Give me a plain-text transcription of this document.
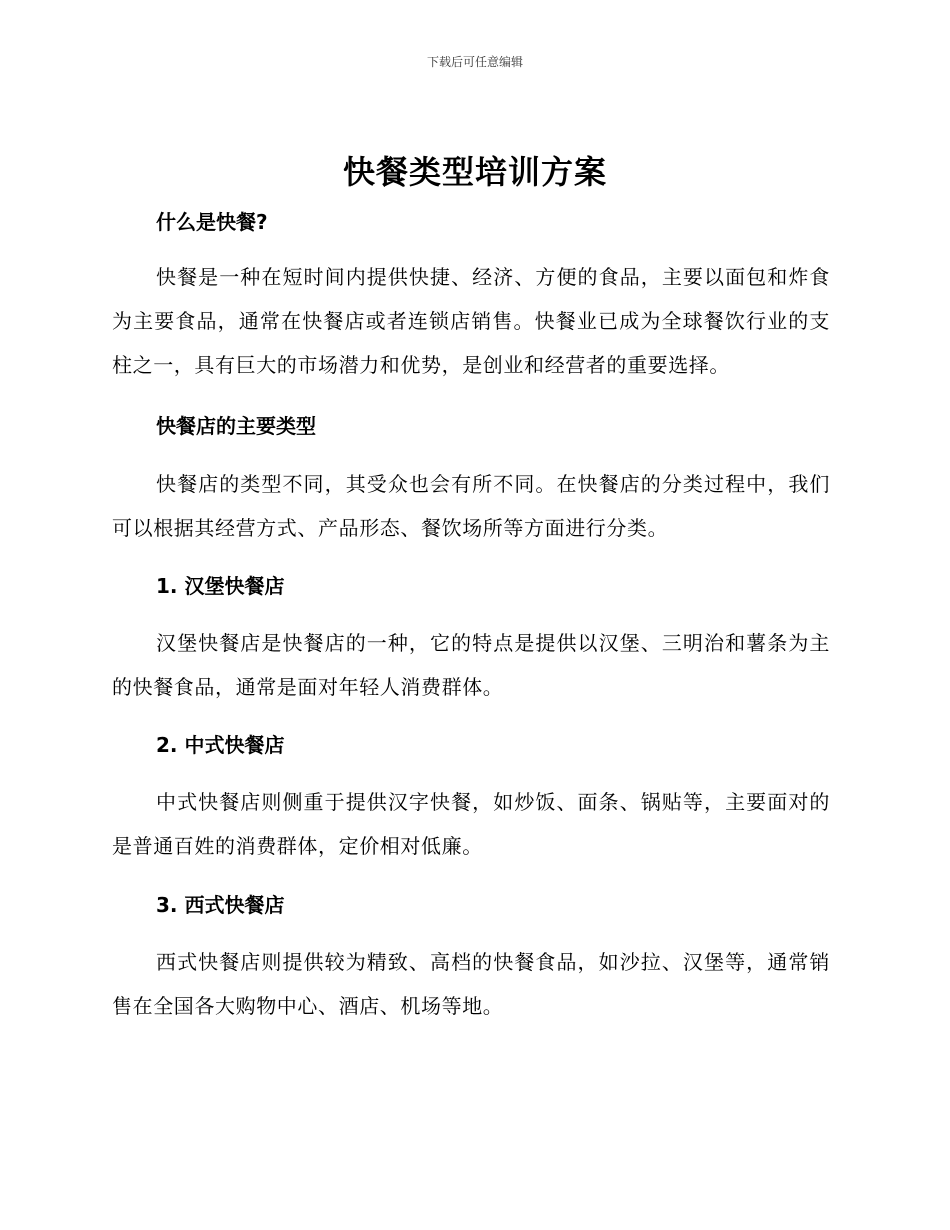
下载后可任意编辑
快餐类型培训方案
什么是快餐?

快餐是一种在短时间内提供快捷、经济、方便的食品，主要以面包和炸食为主要食品，通常在快餐店或者连锁店销售。快餐业已成为全球餐饮行业的支柱之一，具有巨大的市场潜力和优势，是创业和经营者的重要选择。

快餐店的主要类型

快餐店的类型不同，其受众也会有所不同。在快餐店的分类过程中，我们可以根据其经营方式、产品形态、餐饮场所等方面进行分类。

1. 汉堡快餐店

汉堡快餐店是快餐店的一种，它的特点是提供以汉堡、三明治和薯条为主的快餐食品，通常是面对年轻人消费群体。

2. 中式快餐店

中式快餐店则侧重于提供汉字快餐，如炒饭、面条、锅贴等，主要面对的是普通百姓的消费群体，定价相对低廉。

3. 西式快餐店

西式快餐店则提供较为精致、高档的快餐食品，如沙拉、汉堡等，通常销售在全国各大购物中心、酒店、机场等地。
